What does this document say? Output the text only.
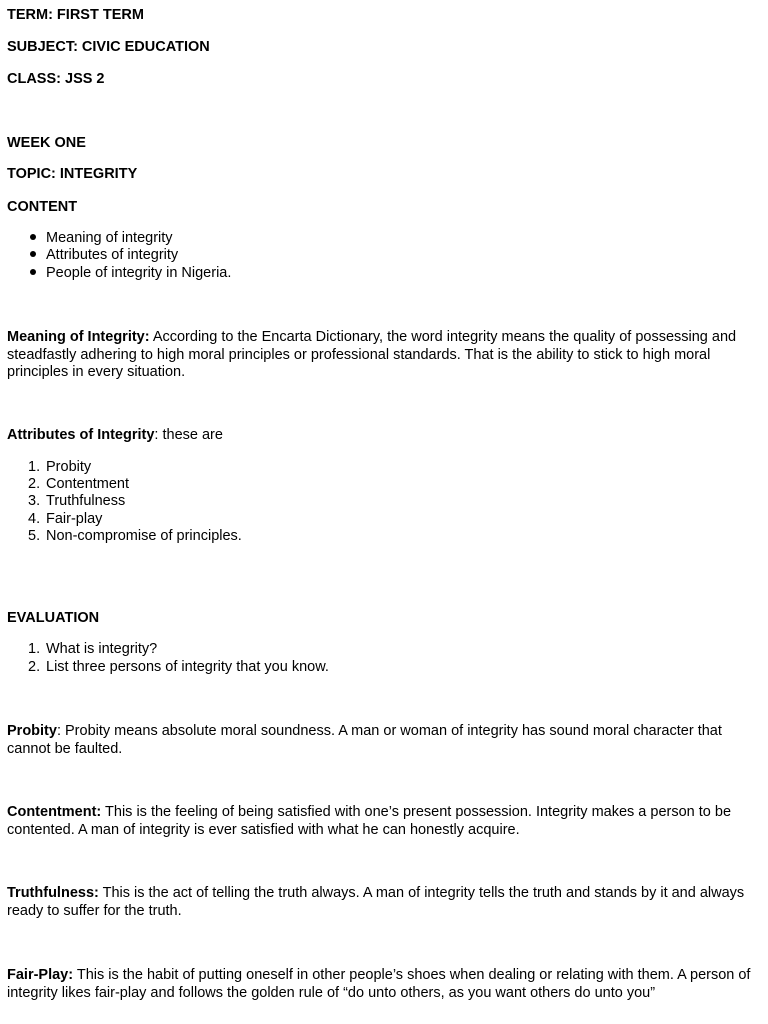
TERM: FIRST TERM

SUBJECT: CIVIC EDUCATION

CLASS: JSS 2

WEEK ONE

TOPIC: INTEGRITY

CONTENT

Meaning of integrity

Attributes of integrity

People of integrity in Nigeria.

Meaning of Integrity: According to the Encarta Dictionary, the word integrity means the quality of possessing and steadfastly adhering to high moral principles or professional standards. That is the ability to stick to high moral principles in every situation.

Attributes of Integrity: these are

1. Probity

2. Contentment

3. Truthfulness

4. Fair-play

5. Non-compromise of principles.

EVALUATION

1. What is integrity?

2. List three persons of integrity that you know.

Probity: Probity means absolute moral soundness. A man or woman of integrity has sound moral character that cannot be faulted.

Contentment: This is the feeling of being satisfied with one’s present possession. Integrity makes a person to be contented. A man of integrity is ever satisfied with what he can honestly acquire.

Truthfulness: This is the act of telling the truth always. A man of integrity tells the truth and stands by it and always ready to suffer for the truth.

Fair-Play: This is the habit of putting oneself in other people’s shoes when dealing or relating with them. A person of integrity likes fair-play and follows the golden rule of “do unto others, as you want others do unto you”
